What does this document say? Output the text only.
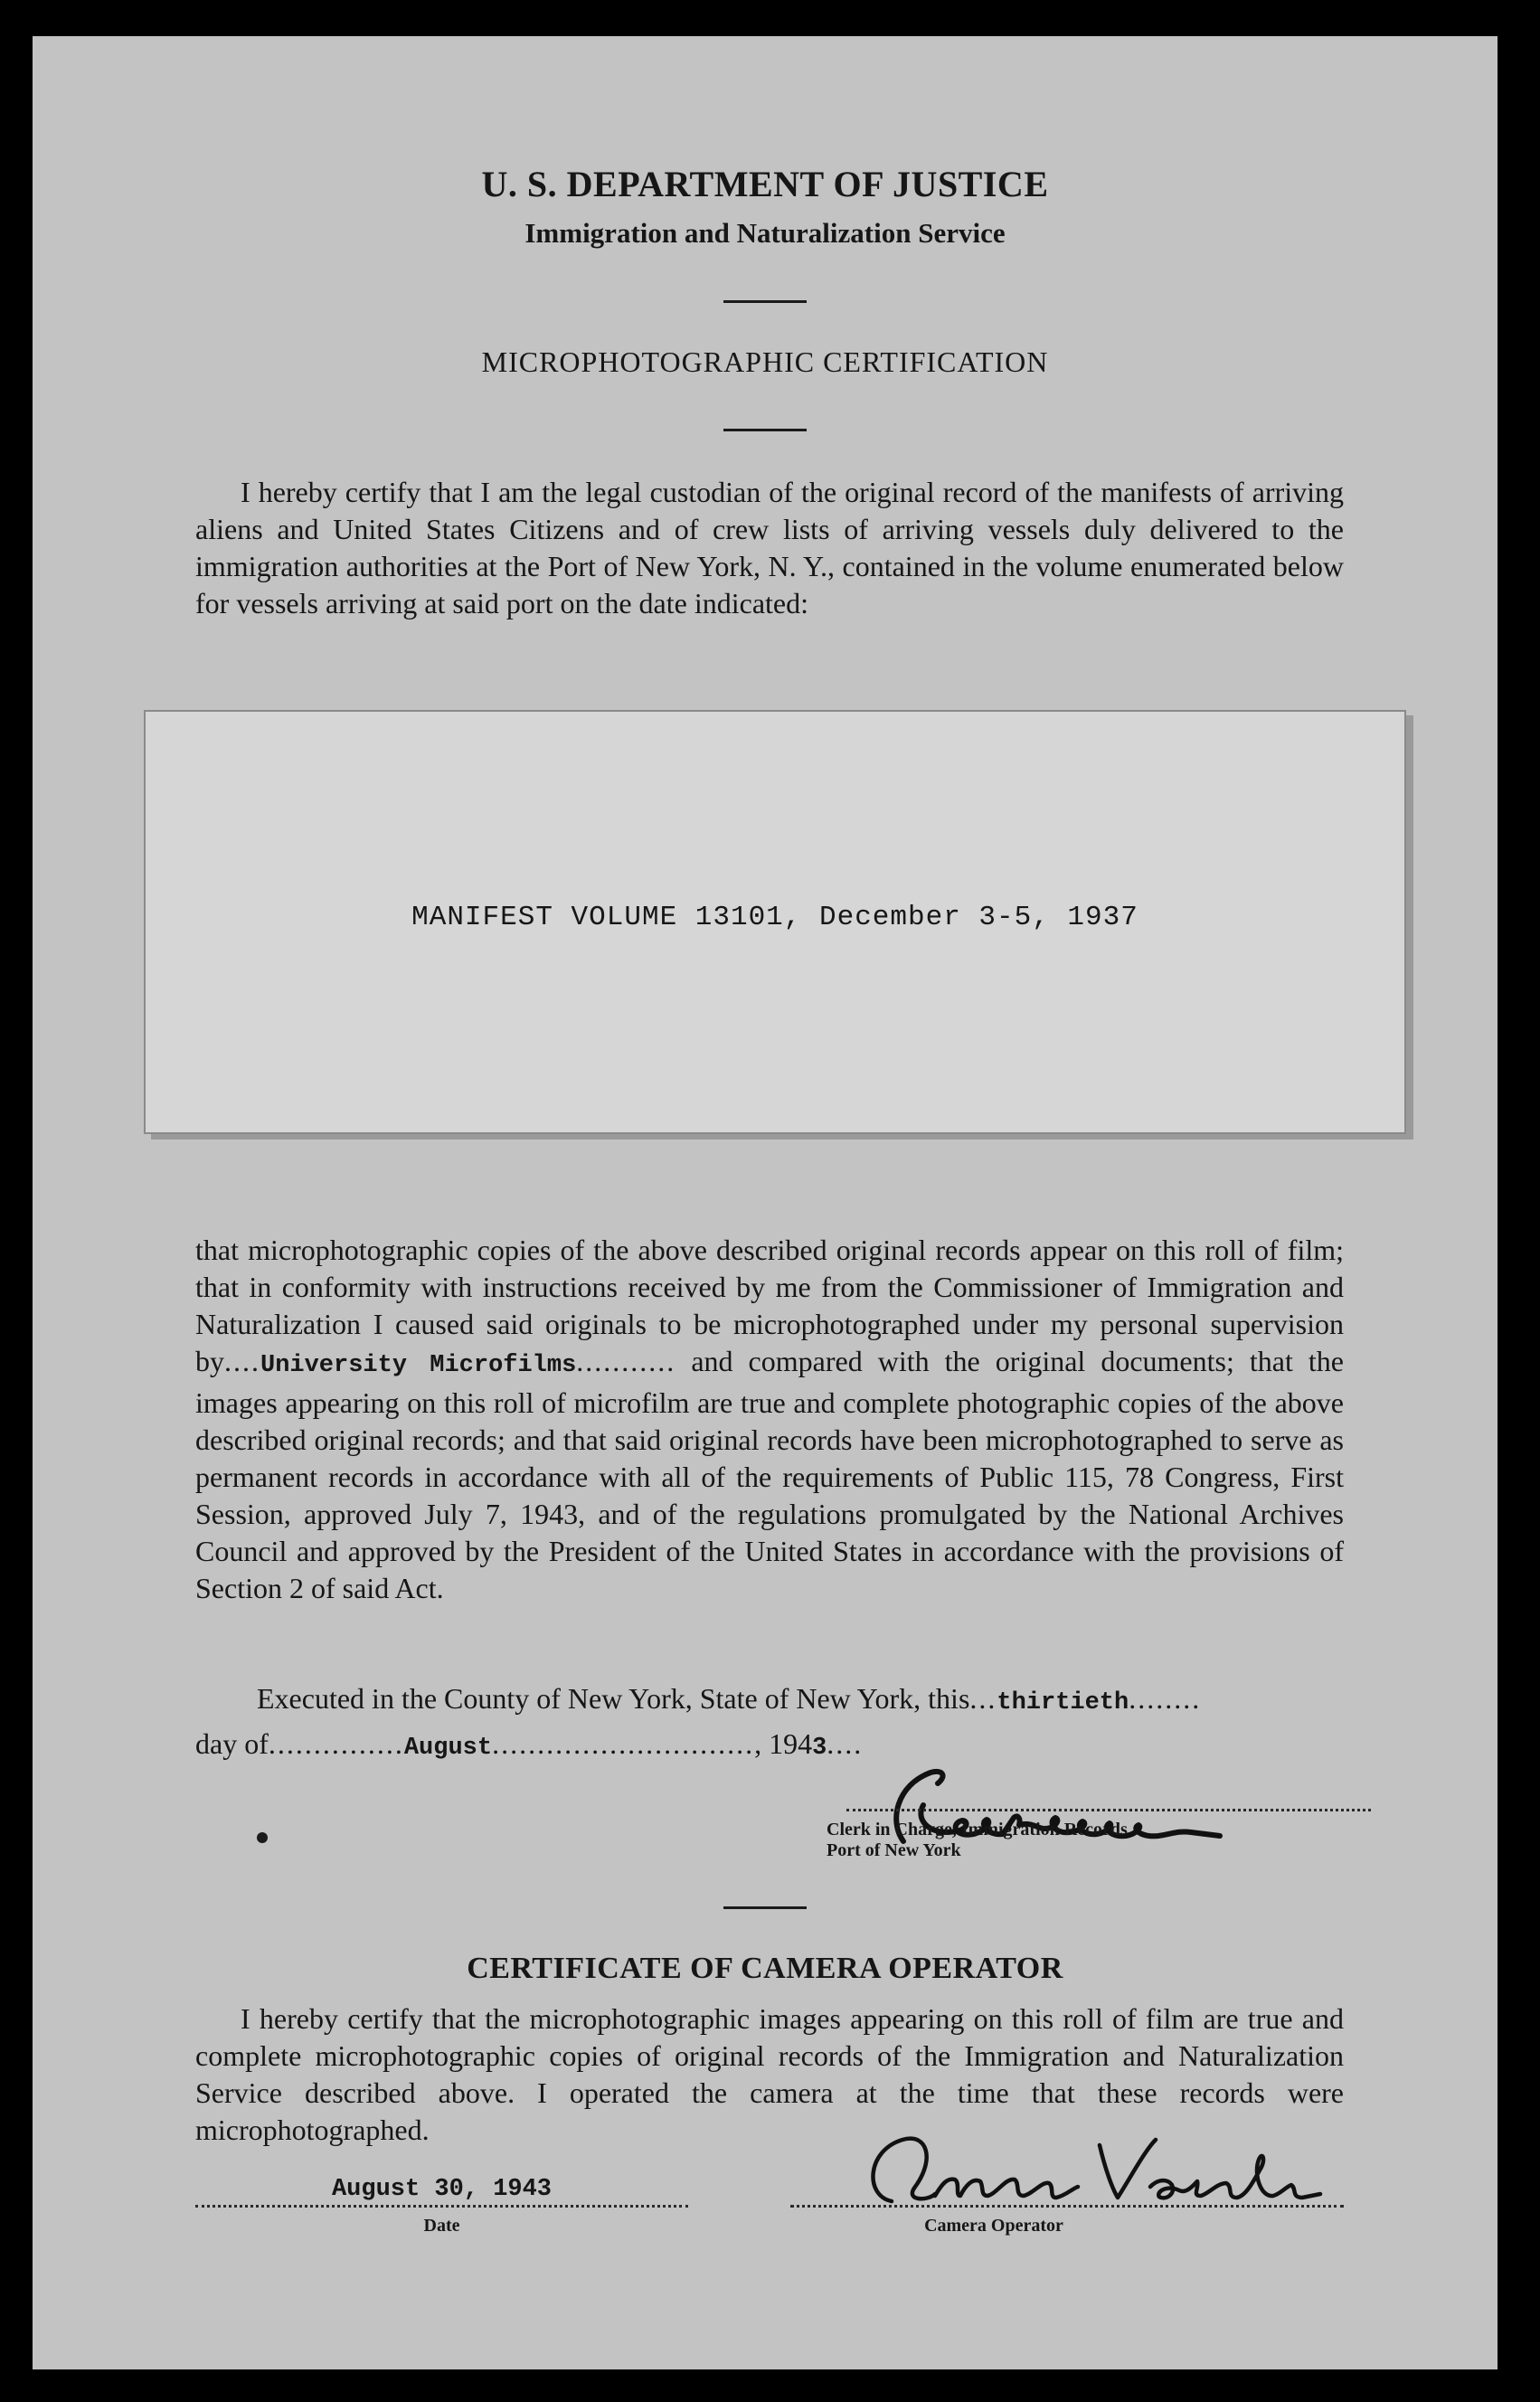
U. S. DEPARTMENT OF JUSTICE
Immigration and Naturalization Service
MICROPHOTOGRAPHIC CERTIFICATION
I hereby certify that I am the legal custodian of the original record of the manifests of arriving aliens and United States Citizens and of crew lists of arriving vessels duly delivered to the immigration authorities at the Port of New York, N. Y., contained in the volume enumerated below for vessels arriving at said port on the date indicated:
MANIFEST VOLUME 13101, December 3-5, 1937
that microphotographic copies of the above described original records appear on this roll of film; that in conformity with instructions received by me from the Commissioner of Immigration and Naturalization I caused said originals to be microphotographed under my personal supervision by....University Microfilms........... and compared with the original documents; that the images appearing on this roll of microfilm are true and complete photographic copies of the above described original records; and that said original records have been microphotographed to serve as permanent records in accordance with all of the requirements of Public 115, 78 Congress, First Session, approved July 7, 1943, and of the regulations promulgated by the National Archives Council and approved by the President of the United States in accordance with the provisions of Section 2 of said Act.
Executed in the County of New York, State of New York, this...thirtieth........
day of...............August............................., 1943....
Clerk in Charge, Immigration Records
Port of New York
CERTIFICATE OF CAMERA OPERATOR
I hereby certify that the microphotographic images appearing on this roll of film are true and complete microphotographic copies of original records of the Immigration and Naturalization Service described above. I operated the camera at the time that these records were microphotographed.
August 30, 1943
Date	Camera Operator
